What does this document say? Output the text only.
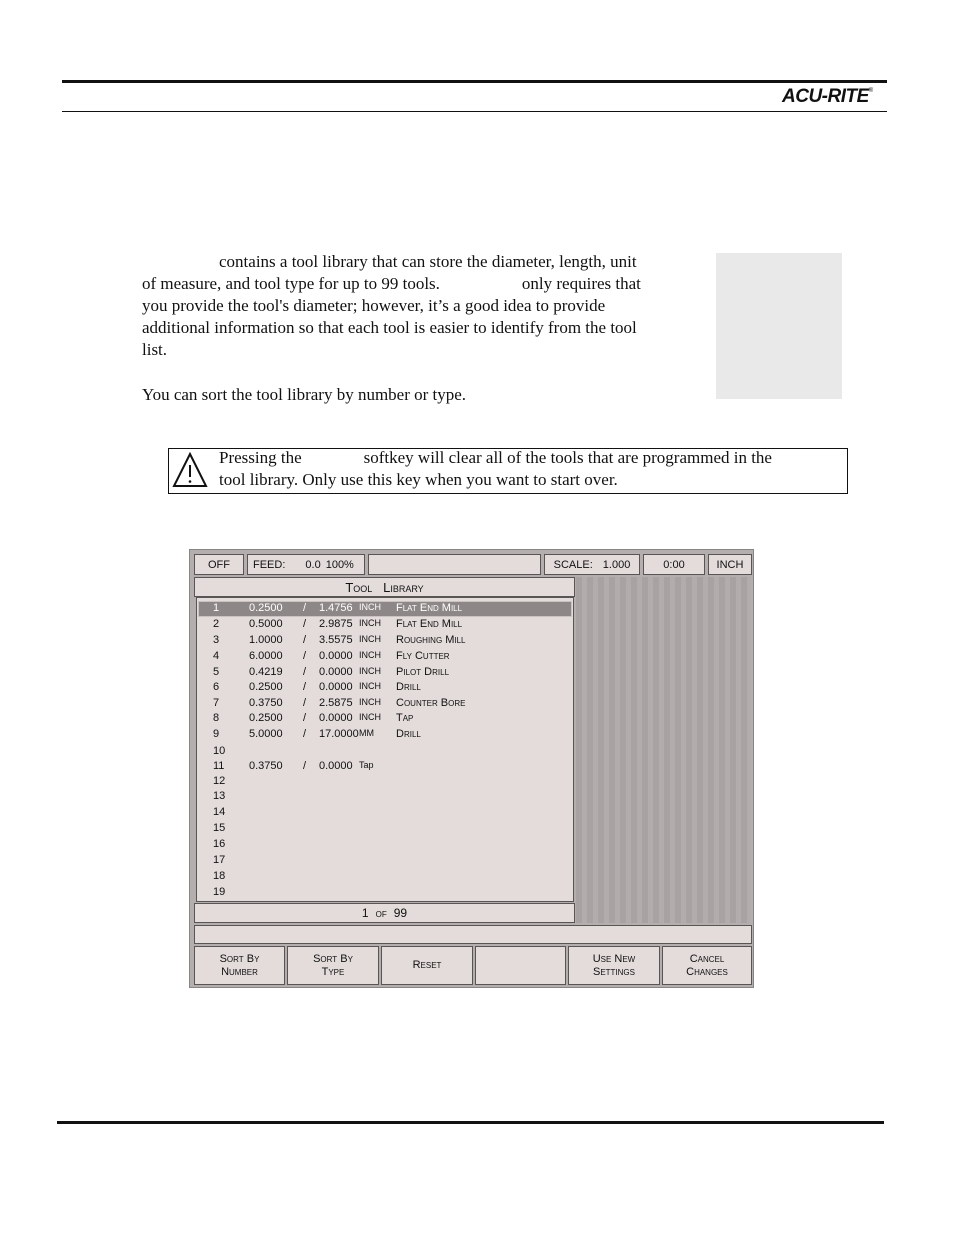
ACU-RITE®
contains a tool library that can store the diameter, length, unit
of measure, and tool type for up to 99 tools.	only requires that
you provide the tool's diameter; however, it’s a good idea to provide
additional information so that each tool is easier to identify from the tool
list.
You can sort the tool library by number or type.
Pressing the	softkey will clear all of the tools that are programmed in the
tool library. Only use this key when you want to start over.
OFF	FEED: 0.0 100%	SCALE: 1.000	0:00	INCH
Tool   Library
1	0.2500 / 1.4756 INCH Flat End Mill
2	0.5000 / 2.9875 INCH Flat End Mill
3	1.0000 / 3.5575 INCH Roughing Mill
4	6.0000 / 0.0000 INCH Fly Cutter
5	0.4219 / 0.0000 INCH Pilot Drill
6	0.2500 / 0.0000 INCH Drill
7	0.3750 / 2.5875 INCH Counter Bore
8	0.2500 / 0.0000 INCH Tap
9	5.0000 / 17.0000 MM Drill
10
11 0.3750 / 0.0000 Tap
12
13
14
15
16
17
18
19
1 of 99
Sort By
Number
Sort By
Type
Reset
Use New
Settings
Cancel
Changes
